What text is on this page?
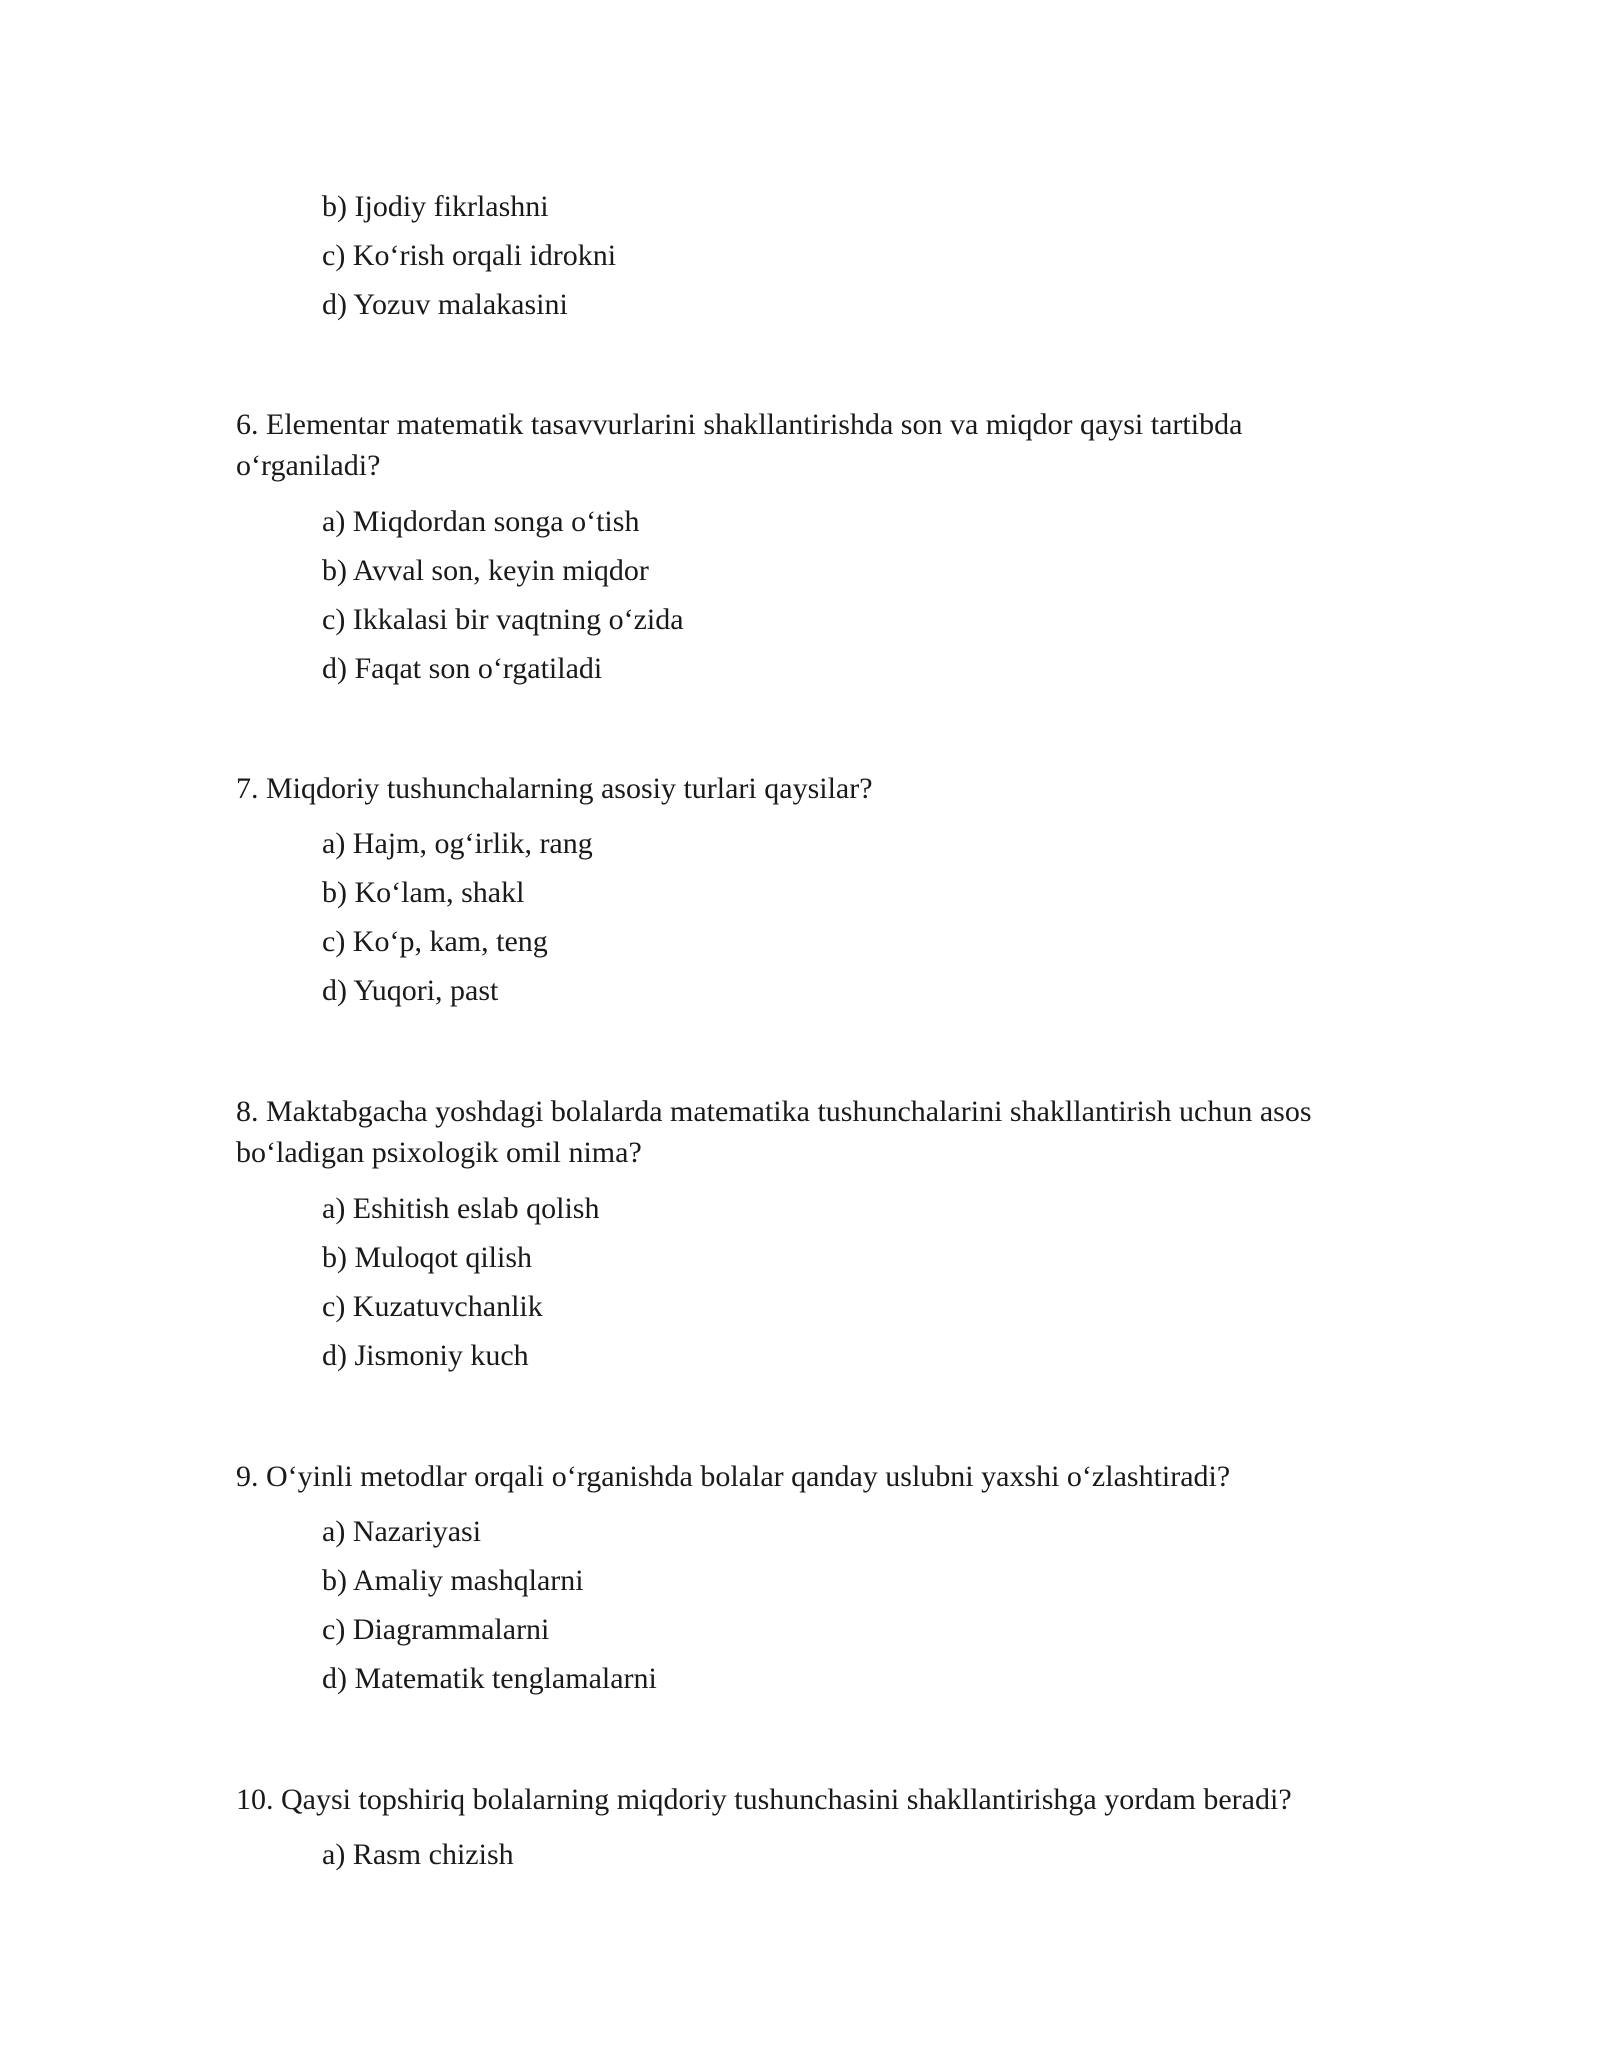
b) Ijodiy fikrlashni
c) Ko‘rish orqali idrokni
d) Yozuv malakasini

6. Elementar matematik tasavvurlarini shakllantirishda son va miqdor qaysi tartibda o‘rganiladi?

a) Miqdordan songa o‘tish
b) Avval son, keyin miqdor
c) Ikkalasi bir vaqtning o‘zida
d) Faqat son o‘rgatiladi

7. Miqdoriy tushunchalarning asosiy turlari qaysilar?

a) Hajm, og‘irlik, rang
b) Ko‘lam, shakl
c) Ko‘p, kam, teng
d) Yuqori, past

8. Maktabgacha yoshdagi bolalarda matematika tushunchalarini shakllantirish uchun asos bo‘ladigan psixologik omil nima?

a) Eshitish eslab qolish
b) Muloqot qilish
c) Kuzatuvchanlik
d) Jismoniy kuch

9. O‘yinli metodlar orqali o‘rganishda bolalar qanday uslubni yaxshi o‘zlashtiradi?

a) Nazariyasi
b) Amaliy mashqlarni
c) Diagrammalarni
d) Matematik tenglamalarni

10. Qaysi topshiriq bolalarning miqdoriy tushunchasini shakllantirishga yordam beradi?

a) Rasm chizish
